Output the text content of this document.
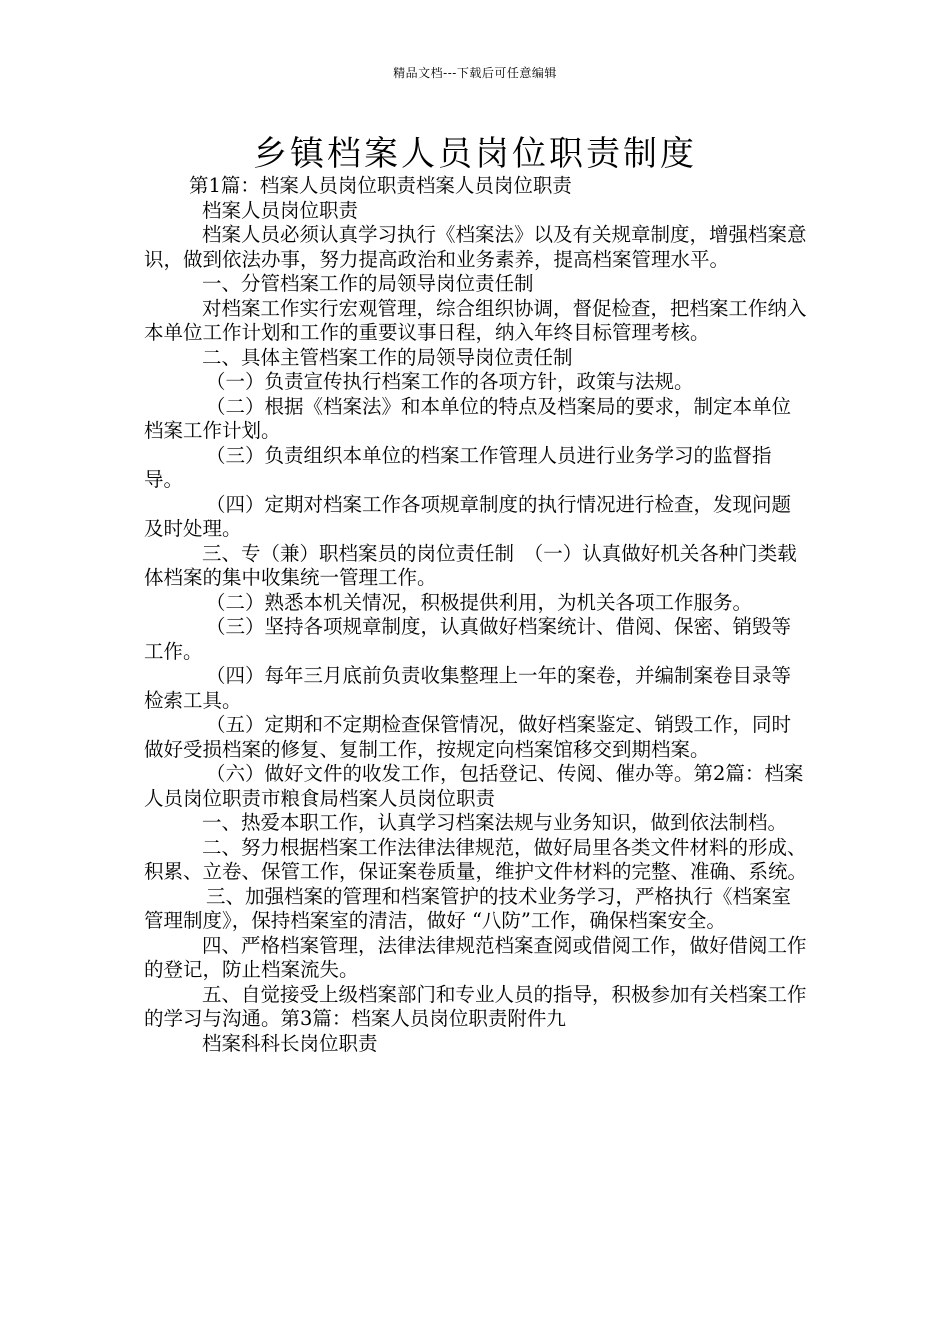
精品文档---下载后可任意编辑
乡镇档案人员岗位职责制度

第1篇：档案人员岗位职责档案人员岗位职责

档案人员岗位职责

档案人员必须认真学习执行《档案法》以及有关规章制度，增强档案意识，做到依法办事，努力提高政治和业务素养，提高档案管理水平。

一、分管档案工作的局领导岗位责任制

对档案工作实行宏观管理，综合组织协调，督促检查，把档案工作纳入本单位工作计划和工作的重要议事日程，纳入年终目标管理考核。

二、具体主管档案工作的局领导岗位责任制

（一）负责宣传执行档案工作的各项方针，政策与法规。

（二）根据《档案法》和本单位的特点及档案局的要求，制定本单位档案工作计划。

（三）负责组织本单位的档案工作管理人员进行业务学习的监督指导。

（四）定期对档案工作各项规章制度的执行情况进行检查，发现问题及时处理。

三、专（兼）职档案员的岗位责任制　（一）认真做好机关各种门类载体档案的集中收集统一管理工作。

（二）熟悉本机关情况，积极提供利用，为机关各项工作服务。

（三）坚持各项规章制度，认真做好档案统计、借阅、保密、销毁等工作。

（四）每年三月底前负责收集整理上一年的案卷，并编制案卷目录等检索工具。

（五）定期和不定期检查保管情况，做好档案鉴定、销毁工作，同时做好受损档案的修复、复制工作，按规定向档案馆移交到期档案。

（六）做好文件的收发工作，包括登记、传阅、催办等。第2篇：档案人员岗位职责市粮食局档案人员岗位职责

一、热爱本职工作，认真学习档案法规与业务知识，做到依法制档。

二、努力根据档案工作法律法律规范，做好局里各类文件材料的形成、积累、立卷、保管工作，保证案卷质量，维护文件材料的完整、准确、系统。

三、加强档案的管理和档案管护的技术业务学习，严格执行《档案室管理制度》，保持档案室的清洁，做好 “八防”工作，确保档案安全。

四、严格档案管理，法律法律规范档案查阅或借阅工作，做好借阅工作的登记，防止档案流失。

五、自觉接受上级档案部门和专业人员的指导，积极参加有关档案工作的学习与沟通。第3篇：档案人员岗位职责附件九

档案科科长岗位职责
